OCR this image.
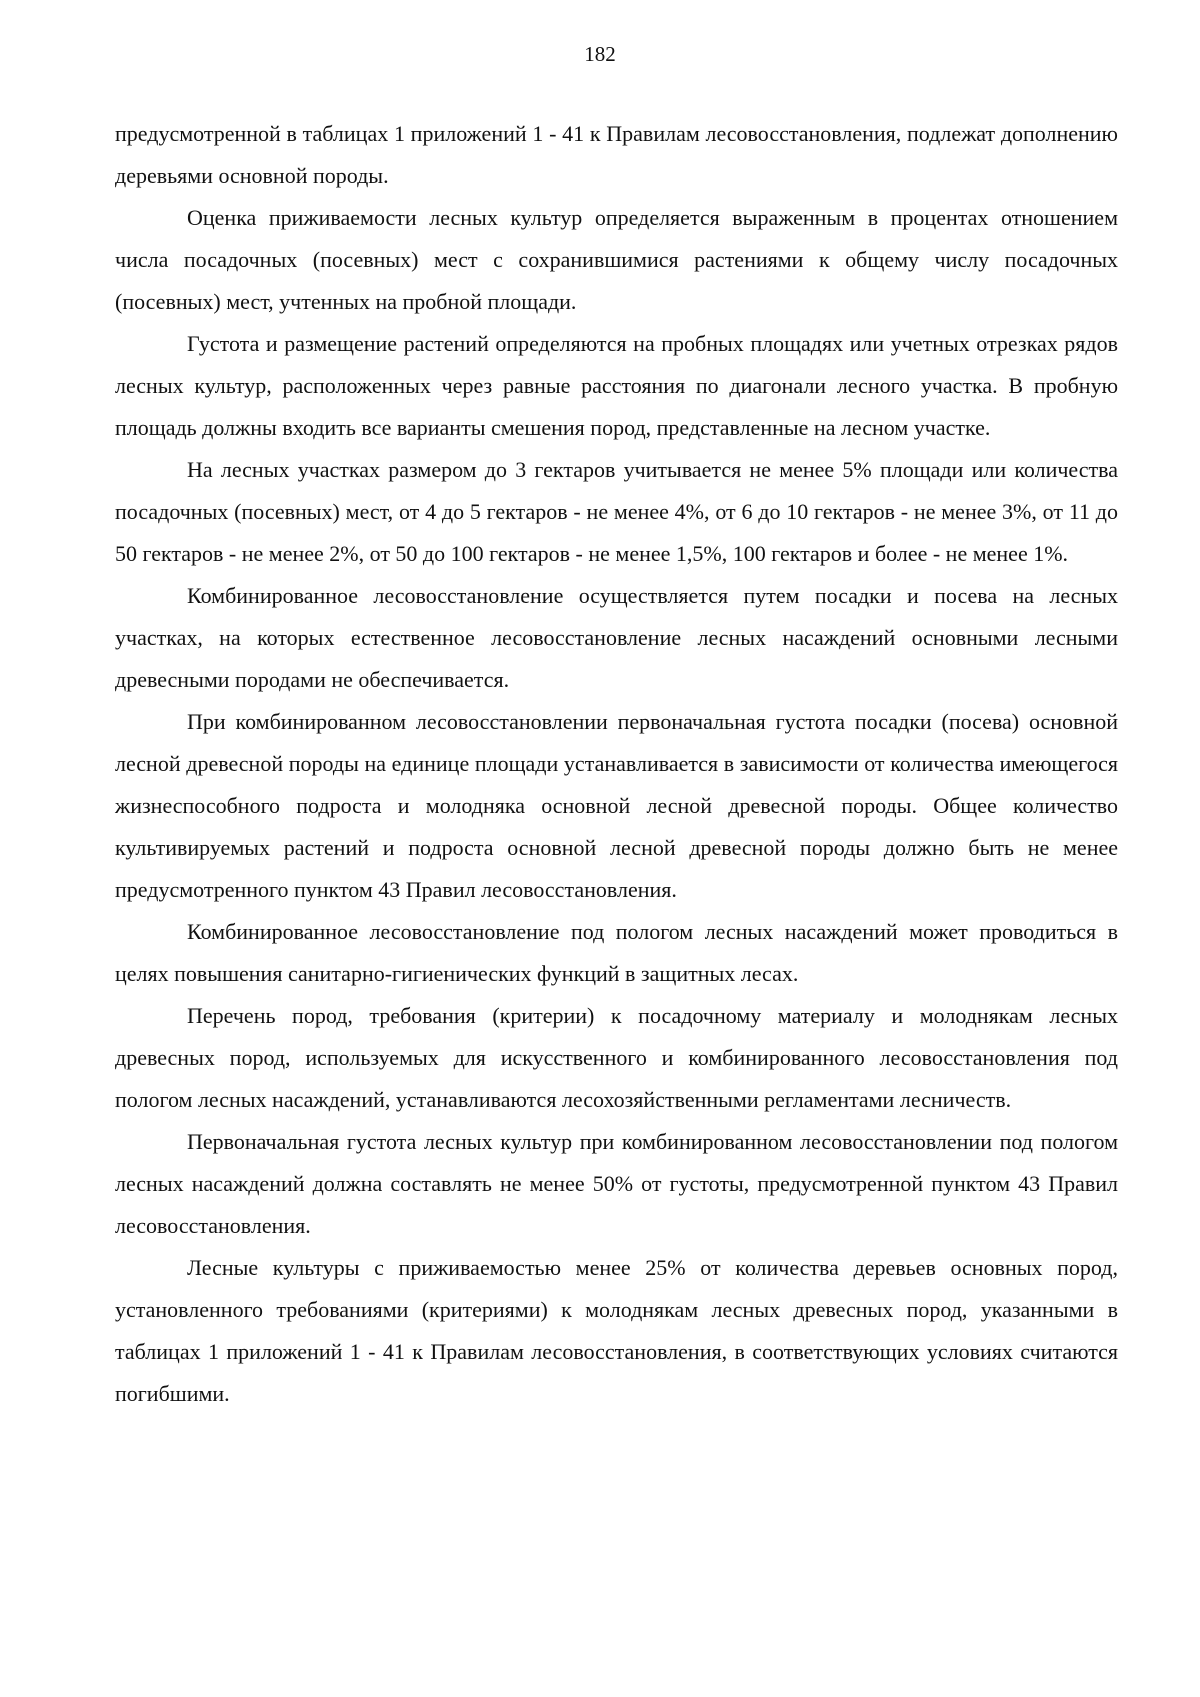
182

предусмотренной в таблицах 1 приложений 1 - 41 к Правилам лесовосстановления, подлежат дополнению деревьями основной породы.

Оценка приживаемости лесных культур определяется выраженным в процентах отношением числа посадочных (посевных) мест с сохранившимися растениями к общему числу посадочных (посевных) мест, учтенных на пробной площади.

Густота и размещение растений определяются на пробных площадях или учетных отрезках рядов лесных культур, расположенных через равные расстояния по диагонали лесного участка. В пробную площадь должны входить все варианты смешения пород, представленные на лесном участке.

На лесных участках размером до 3 гектаров учитывается не менее 5% площади или количества посадочных (посевных) мест, от 4 до 5 гектаров - не менее 4%, от 6 до 10 гектаров - не менее 3%, от 11 до 50 гектаров - не менее 2%, от 50 до 100 гектаров - не менее 1,5%, 100 гектаров и более - не менее 1%.

Комбинированное лесовосстановление осуществляется путем посадки и посева на лесных участках, на которых естественное лесовосстановление лесных насаждений основными лесными древесными породами не обеспечивается.

При комбинированном лесовосстановлении первоначальная густота посадки (посева) основной лесной древесной породы на единице площади устанавливается в зависимости от количества имеющегося жизнеспособного подроста и молодняка основной лесной древесной породы. Общее количество культивируемых растений и подроста основной лесной древесной породы должно быть не менее предусмотренного пунктом 43 Правил лесовосстановления.

Комбинированное лесовосстановление под пологом лесных насаждений может проводиться в целях повышения санитарно-гигиенических функций в защитных лесах.

Перечень пород, требования (критерии) к посадочному материалу и молоднякам лесных древесных пород, используемых для искусственного и комбинированного лесовосстановления под пологом лесных насаждений, устанавливаются лесохозяйственными регламентами лесничеств.

Первоначальная густота лесных культур при комбинированном лесовосстановлении под пологом лесных насаждений должна составлять не менее 50% от густоты, предусмотренной пунктом 43 Правил лесовосстановления.

Лесные культуры с приживаемостью менее 25% от количества деревьев основных пород, установленного требованиями (критериями) к молоднякам лесных древесных пород, указанными в таблицах 1 приложений 1 - 41 к Правилам лесовосстановления, в соответствующих условиях считаются погибшими.
